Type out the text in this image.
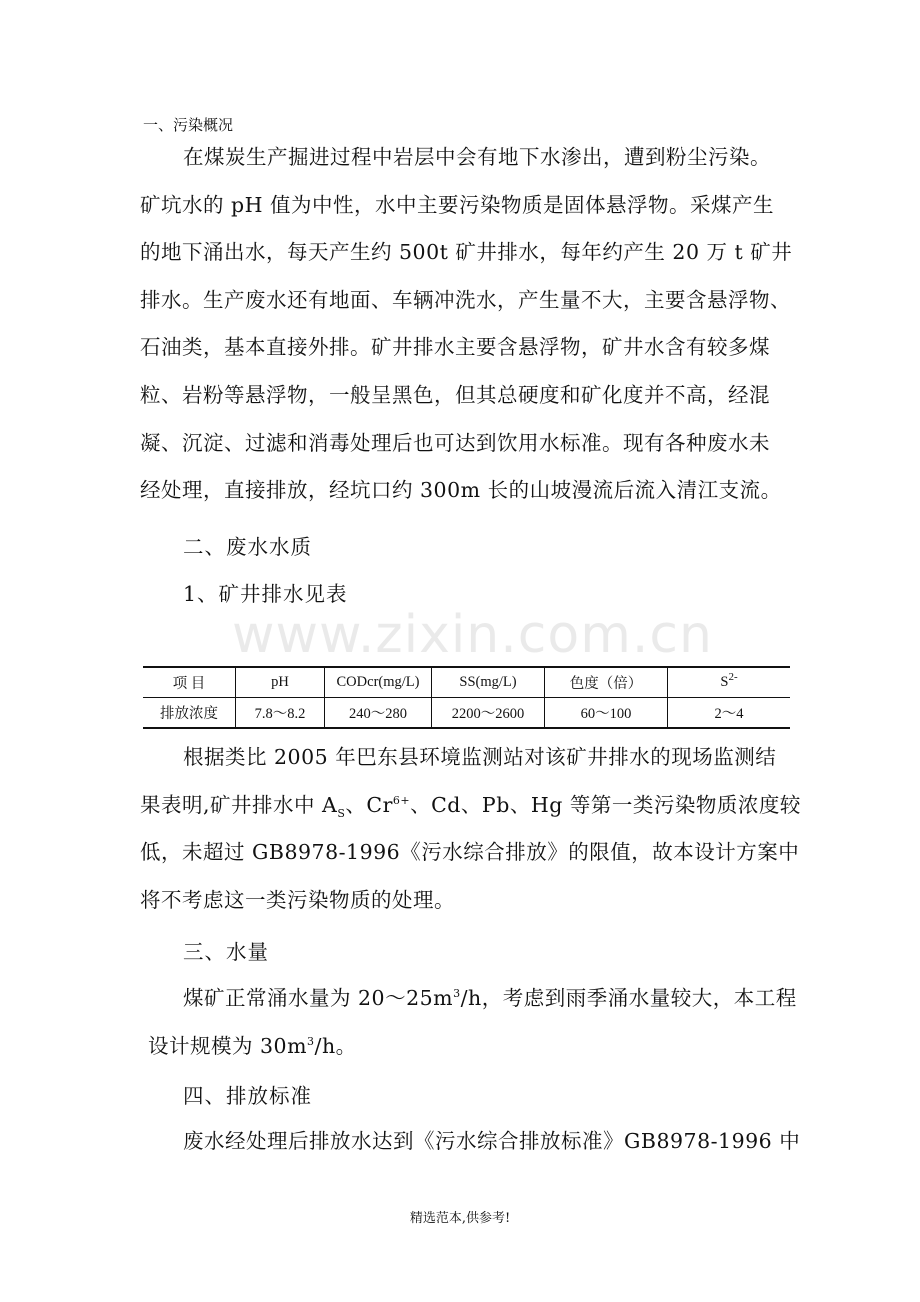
一、污染概况
在煤炭生产掘进过程中岩层中会有地下水渗出，遭到粉尘污染。
矿坑水的 pH 值为中性，水中主要污染物质是固体悬浮物。采煤产生
的地下涌出水，每天产生约 500t 矿井排水，每年约产生 20 万 t 矿井
排水。生产废水还有地面、车辆冲洗水，产生量不大，主要含悬浮物、
石油类，基本直接外排。矿井排水主要含悬浮物，矿井水含有较多煤
粒、岩粉等悬浮物，一般呈黑色，但其总硬度和矿化度并不高，经混
凝、沉淀、过滤和消毒处理后也可达到饮用水标准。现有各种废水未
经处理，直接排放，经坑口约 300m 长的山坡漫流后流入清江支流。
二、废水水质
1、矿井排水见表
www.zixin.com.cn
项 目	pH	CODcr(mg/L)	SS(mg/L)	色度（倍）	$S^{2-}$
排放浓度	7.8～8.2	240～280	2200～2600	60～100	2～4
根据类比 2005 年巴东县环境监测站对该矿井排水的现场监测结
果表明,矿井排水中 $A_S$、$Cr^{6+}$、Cd、Pb、Hg 等第一类污染物质浓度较
低，未超过 GB8978-1996《污水综合排放》的限值，故本设计方案中
将不考虑这一类污染物质的处理。
三、水量
煤矿正常涌水量为 $20\sim 25m^3/h$，考虑到雨季涌水量较大，本工程
设计规模为 $30m^3/h$。
四、排放标准
废水经处理后排放水达到《污水综合排放标准》GB8978-1996 中
精选范本,供参考!
